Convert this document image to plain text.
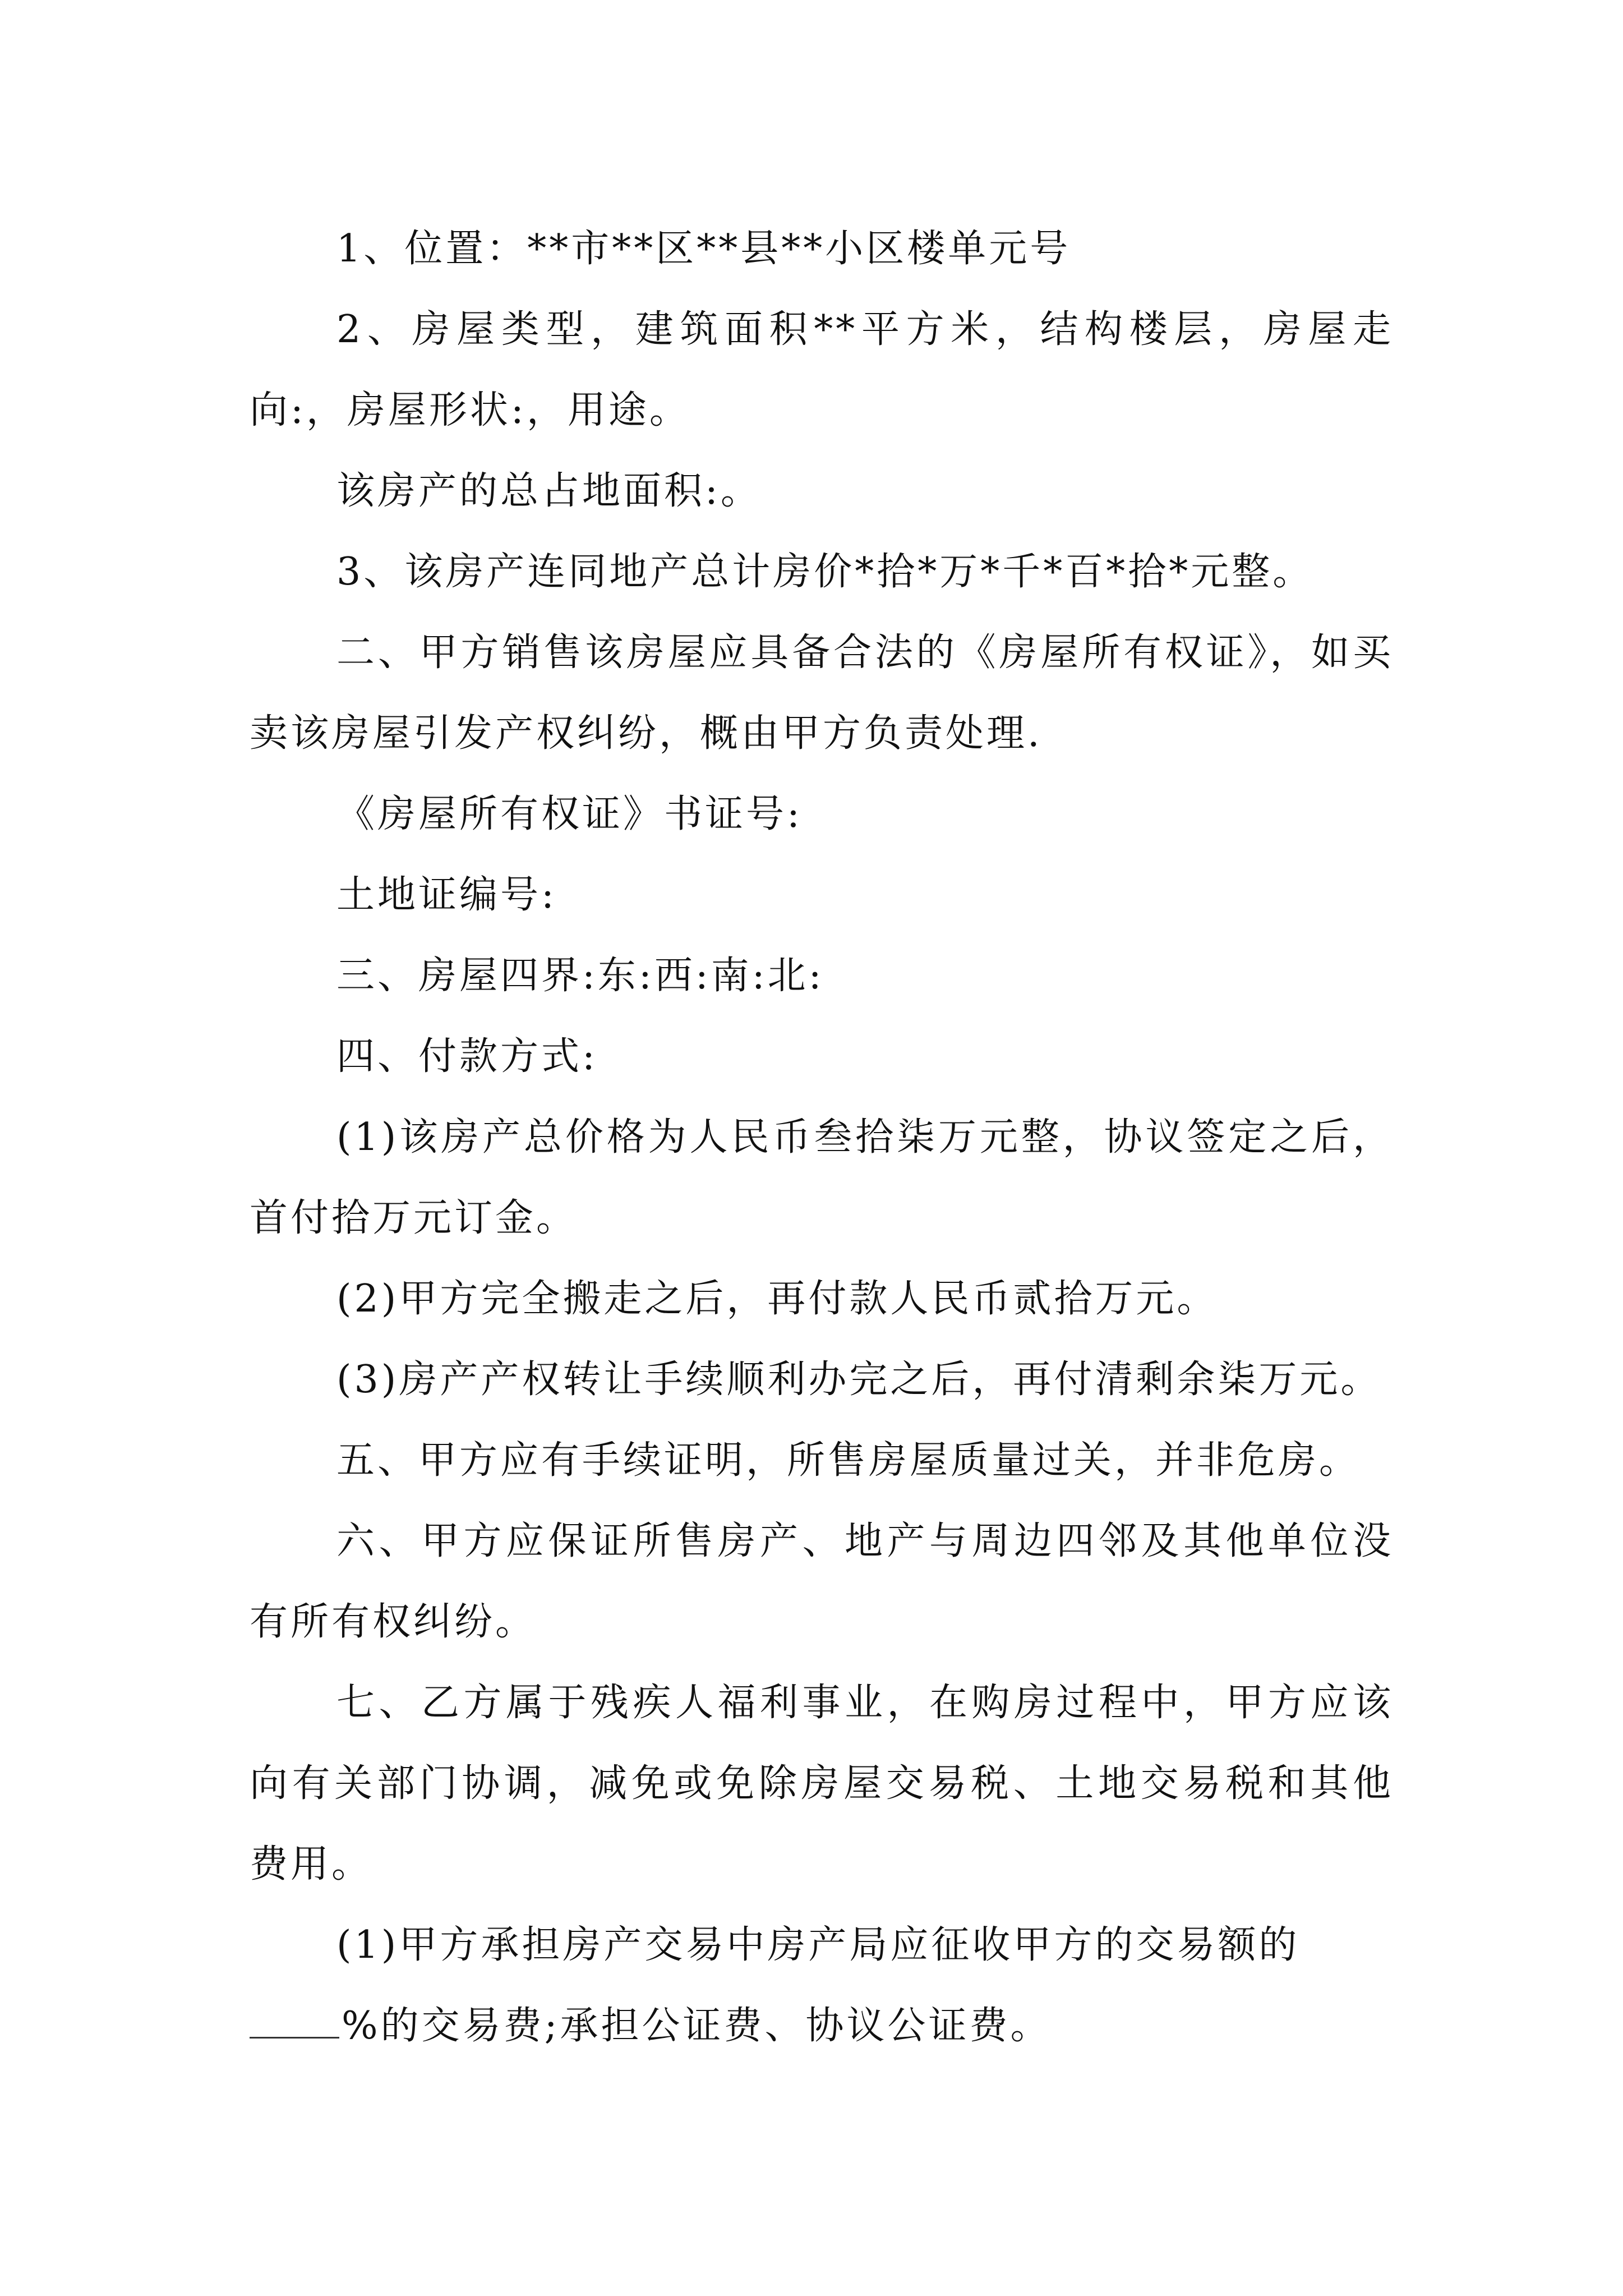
1、位置：**市**区**县**小区楼单元号

2、房屋类型，建筑面积**平方米，结构楼层，房屋走向:，房屋形状:，用途。

该房产的总占地面积:。

3、该房产连同地产总计房价*拾*万*千*百*拾*元整。

二、甲方销售该房屋应具备合法的《房屋所有权证》，如买卖该房屋引发产权纠纷，概由甲方负责处理.

《房屋所有权证》书证号:

土地证编号:

三、房屋四界:东:西:南:北:

四、付款方式:

(1)该房产总价格为人民币叁拾柒万元整，协议签定之后，首付拾万元订金。

(2)甲方完全搬走之后，再付款人民币贰拾万元。

(3)房产产权转让手续顺利办完之后，再付清剩余柒万元。

五、甲方应有手续证明，所售房屋质量过关，并非危房。

六、甲方应保证所售房产、地产与周边四邻及其他单位没有所有权纠纷。

七、乙方属于残疾人福利事业，在购房过程中，甲方应该向有关部门协调，减免或免除房屋交易税、土地交易税和其他费用。

(1)甲方承担房产交易中房产局应征收甲方的交易额的

%的交易费;承担公证费、协议公证费。
